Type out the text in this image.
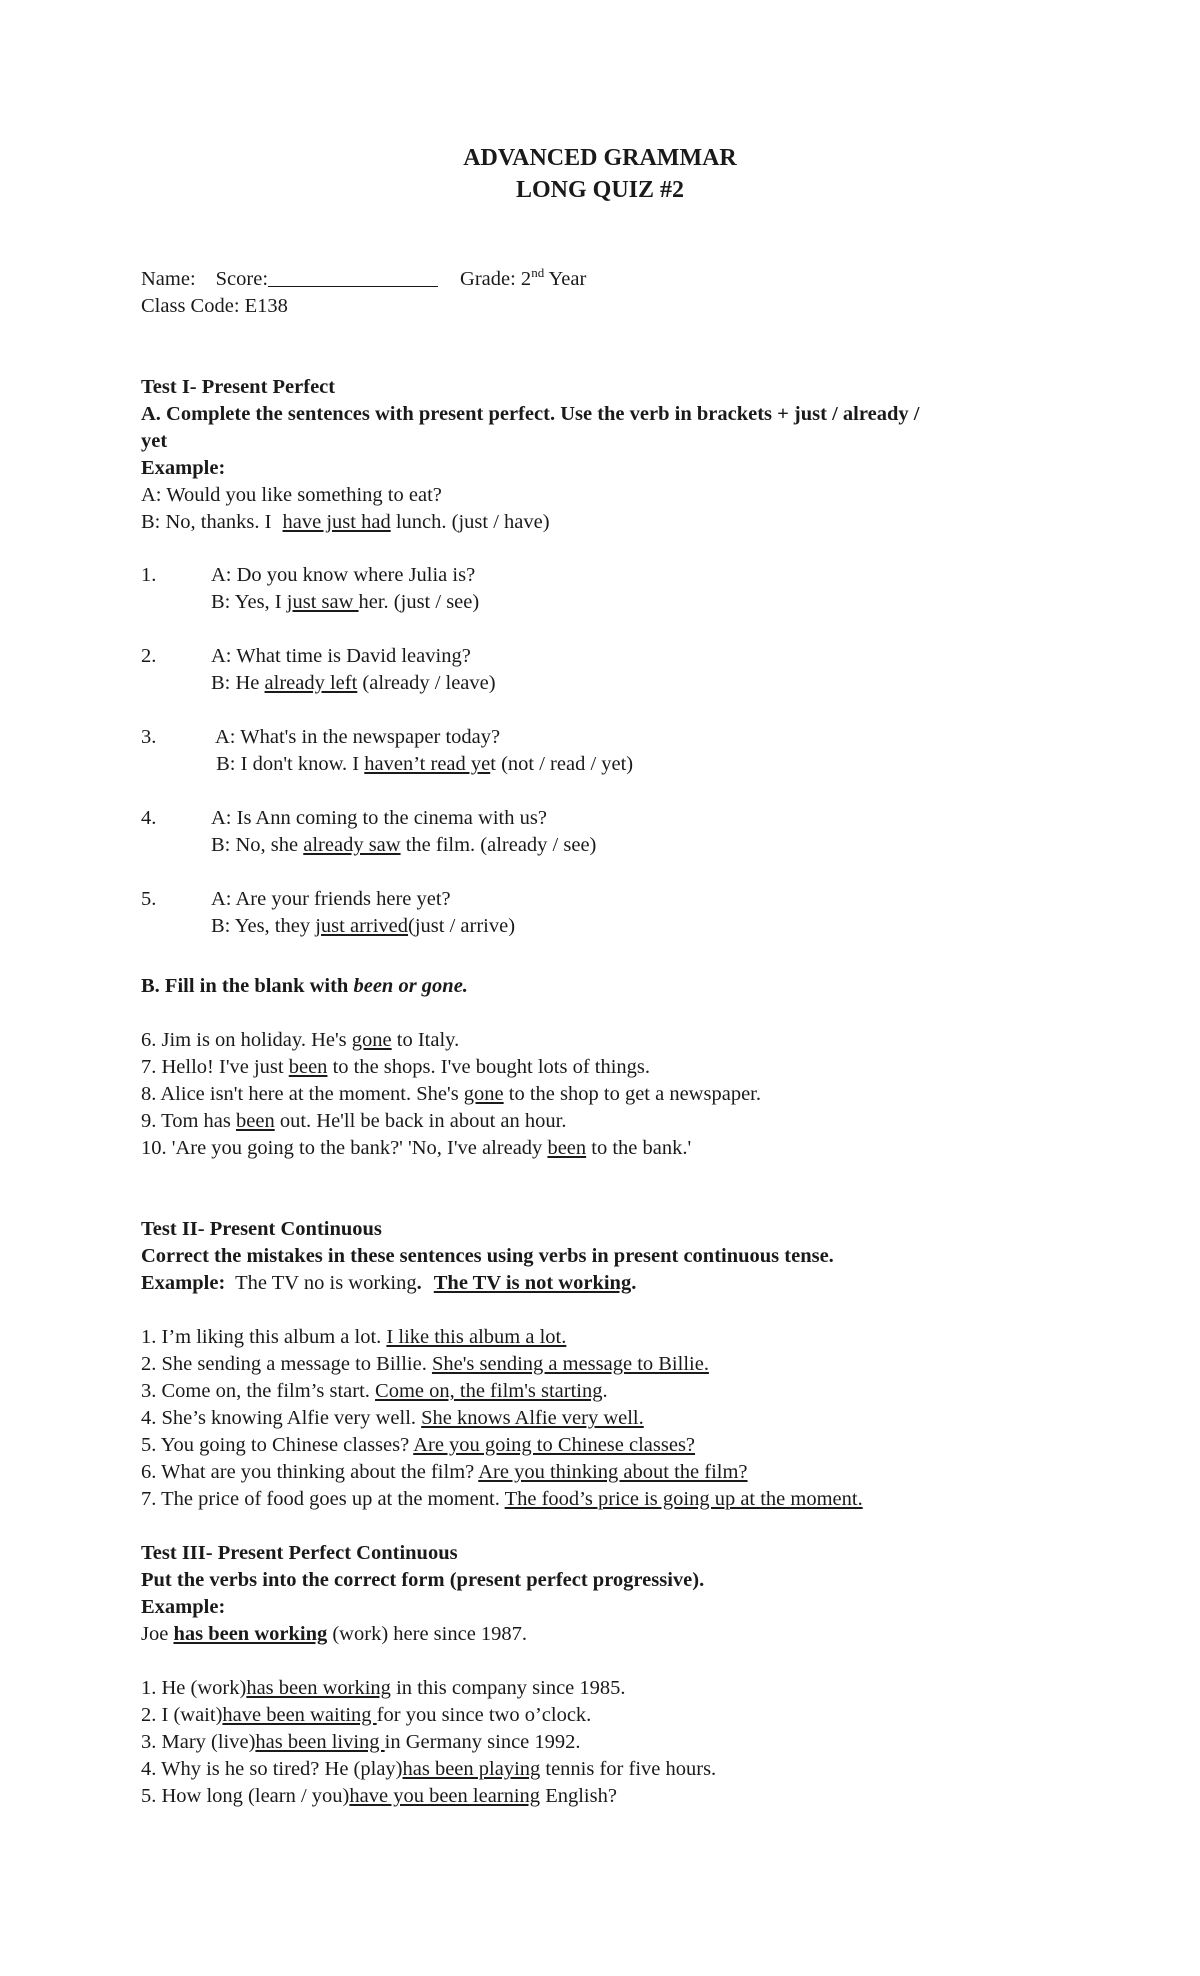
ADVANCED GRAMMAR
LONG QUIZ #2
Name: Score:	Grade: 2nd Year
Class Code: E138
Test I- Present Perfect
A. Complete the sentences with present perfect. Use the verb in brackets + just / already /
yet
Example:
A: Would you like something to eat?
B: No, thanks. I have just had lunch. (just / have)
1.	A: Do you know where Julia is?
B: Yes, I just saw her. (just / see)
2.	A: What time is David leaving?
B: He already left (already / leave)
3.	A: What's in the newspaper today?
B: I don't know. I haven’t read yet (not / read / yet)
4.	A: Is Ann coming to the cinema with us?
B: No, she already saw the film. (already / see)
5.	A: Are your friends here yet?
B: Yes, they just arrived(just / arrive)
B. Fill in the blank with been or gone.
6. Jim is on holiday. He's gone to Italy.
7. Hello! I've just been to the shops. I've bought lots of things.
8. Alice isn't here at the moment. She's gone to the shop to get a newspaper.
9. Tom has been out. He'll be back in about an hour.
10. 'Are you going to the bank?' 'No, I've already been to the bank.'
Test II- Present Continuous
Correct the mistakes in these sentences using verbs in present continuous tense.
Example:  The TV no is working. The TV is not working.
1. I’m liking this album a lot. I like this album a lot.
2. She sending a message to Billie. She's sending a message to Billie.
3. Come on, the film’s start. Come on, the film's starting.
4. She’s knowing Alfie very well. She knows Alfie very well.
5. You going to Chinese classes? Are you going to Chinese classes?
6. What are you thinking about the film? Are you thinking about the film?
7. The price of food goes up at the moment. The food’s price is going up at the moment.
Test III- Present Perfect Continuous
Put the verbs into the correct form (present perfect progressive).
Example:
Joe has been working (work) here since 1987.
1. He (work)has been working in this company since 1985.
2. I (wait)have been waiting for you since two o’clock.
3. Mary (live)has been living in Germany since 1992.
4. Why is he so tired? He (play)has been playing tennis for five hours.
5. How long (learn / you)have you been learning English?
